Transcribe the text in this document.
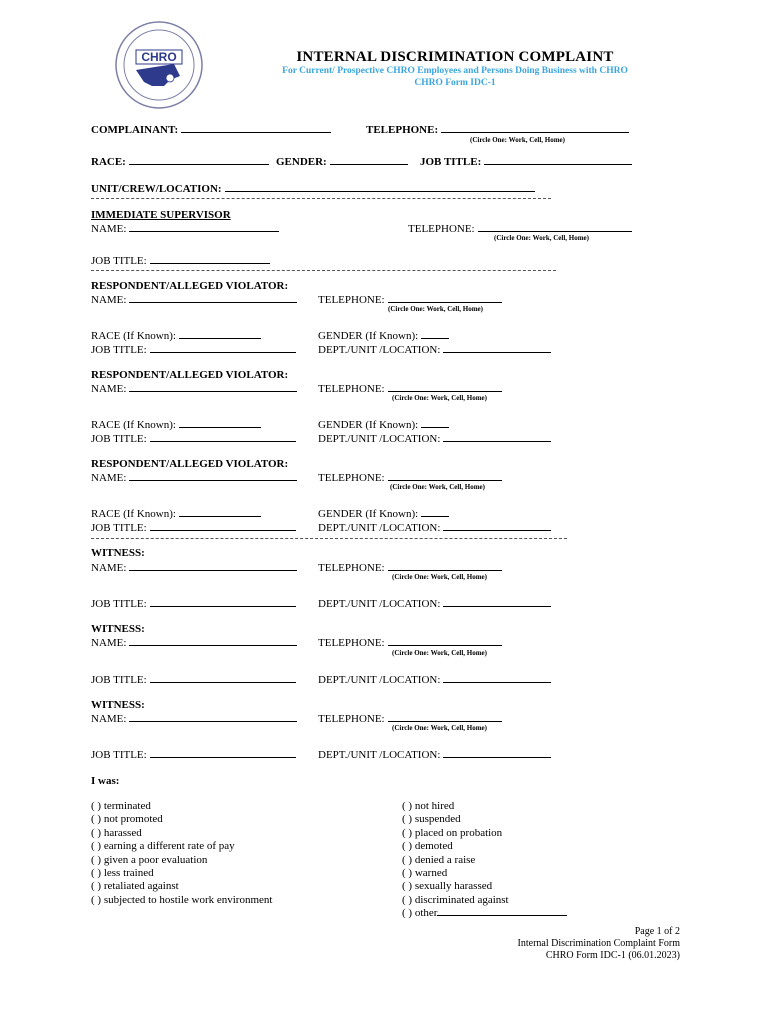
CHRO	INTERNAL DISCRIMINATION COMPLAINT
For Current/ Prospective CHRO Employees and Persons Doing Business with CHRO
CHRO Form IDC-1
COMPLAINANT:	TELEPHONE:
(Circle One: Work, Cell, Home)
RACE:	GENDER:	JOB TITLE:
UNIT/CREW/LOCATION:
IMMEDIATE SUPERVISOR
NAME:	TELEPHONE:
(Circle One: Work, Cell, Home)
JOB TITLE:
RESPONDENT/ALLEGED VIOLATOR:
NAME:	TELEPHONE:
(Circle One: Work, Cell, Home)
RACE (If Known):	GENDER (If Known):
JOB TITLE:	DEPT./UNIT /LOCATION:
RESPONDENT/ALLEGED VIOLATOR:
NAME:	TELEPHONE:
(Circle One: Work, Cell, Home)
RACE (If Known):	GENDER (If Known):
JOB TITLE:	DEPT./UNIT /LOCATION:
RESPONDENT/ALLEGED VIOLATOR:
NAME:	TELEPHONE:
(Circle One: Work, Cell, Home)
RACE (If Known):	GENDER (If Known):
JOB TITLE:	DEPT./UNIT /LOCATION:
WITNESS:
NAME:	TELEPHONE:
(Circle One: Work, Cell, Home)
JOB TITLE:	DEPT./UNIT /LOCATION:
WITNESS:
NAME:	TELEPHONE:
(Circle One: Work, Cell, Home)
JOB TITLE:	DEPT./UNIT /LOCATION:
WITNESS:
NAME:	TELEPHONE:
(Circle One: Work, Cell, Home)
JOB TITLE:	DEPT./UNIT /LOCATION:
I was:
( ) terminated
( ) not promoted
( ) harassed
( ) earning a different rate of pay
( ) given a poor evaluation
( ) less trained
( ) retaliated against
( ) subjected to hostile work environment
( ) not hired
( ) suspended
( ) placed on probation
( ) demoted
( ) denied a raise
( ) warned
( ) sexually harassed
( ) discriminated against
( ) other
Page 1 of 2
Internal Discrimination Complaint Form
CHRO Form IDC-1 (06.01.2023)
